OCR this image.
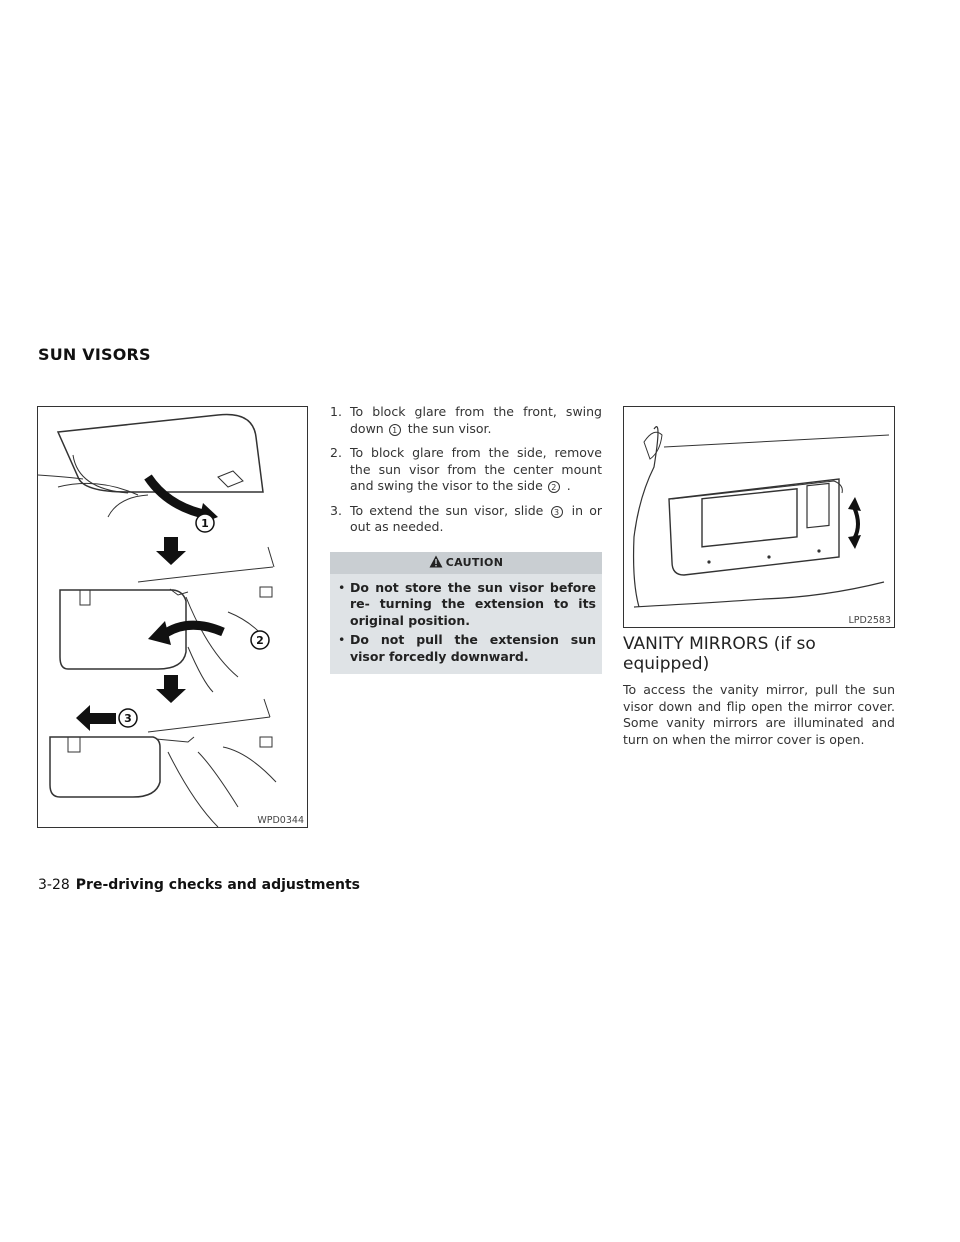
SUN VISORS
1
2
3
WPD0344
1. To block glare from the front, swing down 1 the sun visor.
2. To block glare from the side, remove the sun visor from the center mount and swing the visor to the side 2 .
3. To extend the sun visor, slide 3 in or out as needed.
CAUTION
• Do not store the sun visor before re- turning the extension to its original position.
• Do not pull the extension sun visor forcedly downward.
LPD2583
VANITY MIRRORS (if so equipped)

To access the vanity mirror, pull the sun visor down and flip open the mirror cover. Some vanity mirrors are illuminated and turn on when the mirror cover is open.

3-28 Pre-driving checks and adjustments
